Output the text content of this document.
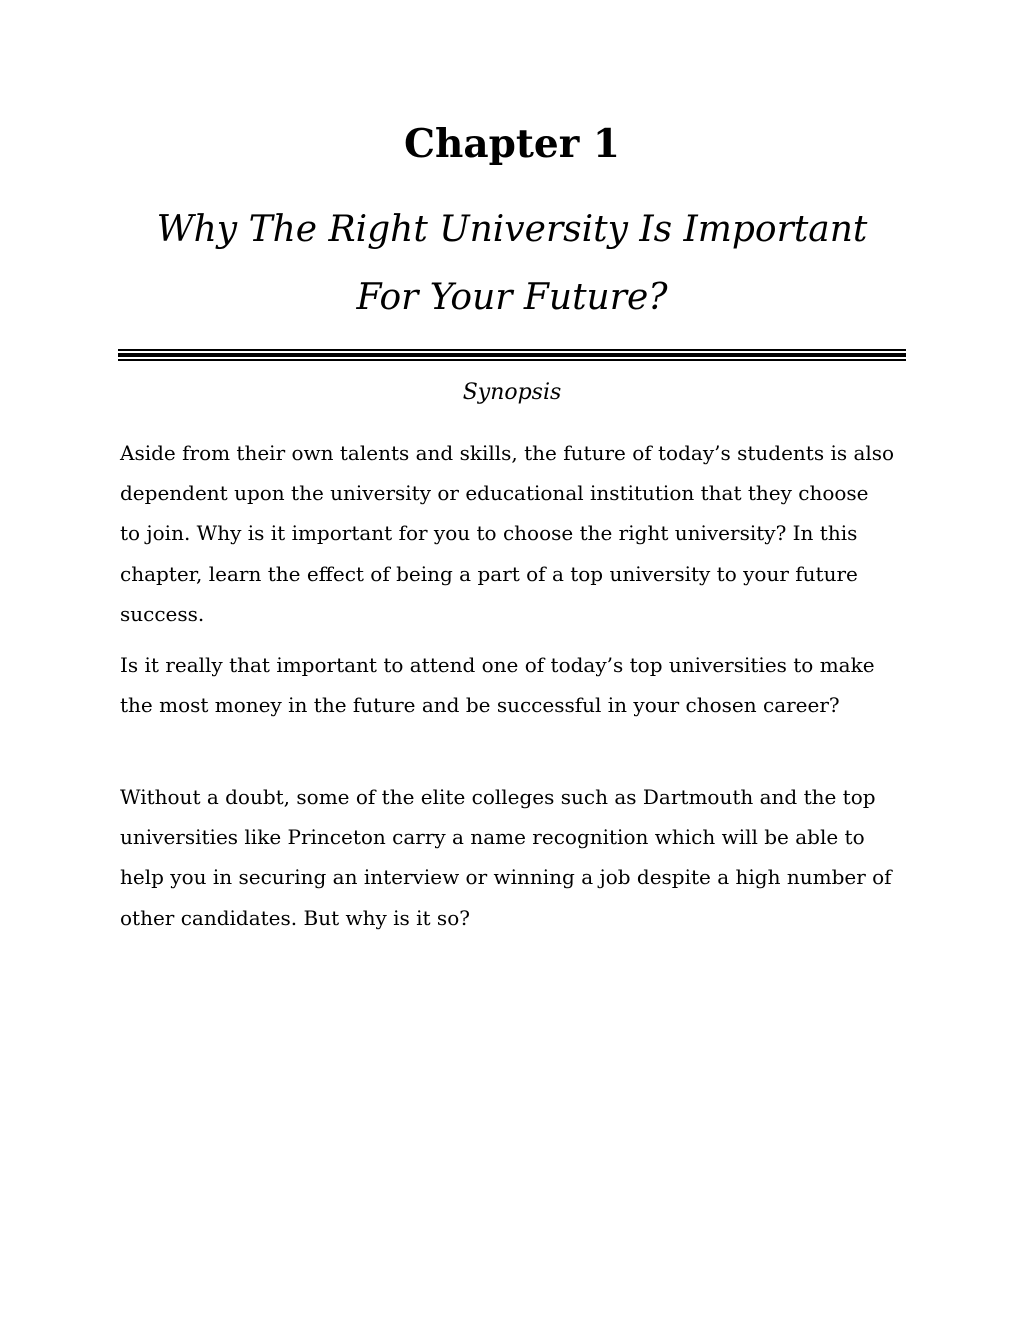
Chapter 1
Why The Right University Is Important
For Your Future?

Synopsis

Aside from their own talents and skills, the future of today’s students is also
dependent upon the university or educational institution that they choose
to join. Why is it important for you to choose the right university? In this
chapter, learn the effect of being a part of a top university to your future
success.

Is it really that important to attend one of today’s top universities to make
the most money in the future and be successful in your chosen career?

Without a doubt, some of the elite colleges such as Dartmouth and the top
universities like Princeton carry a name recognition which will be able to
help you in securing an interview or winning a job despite a high number of
other candidates. But why is it so?
